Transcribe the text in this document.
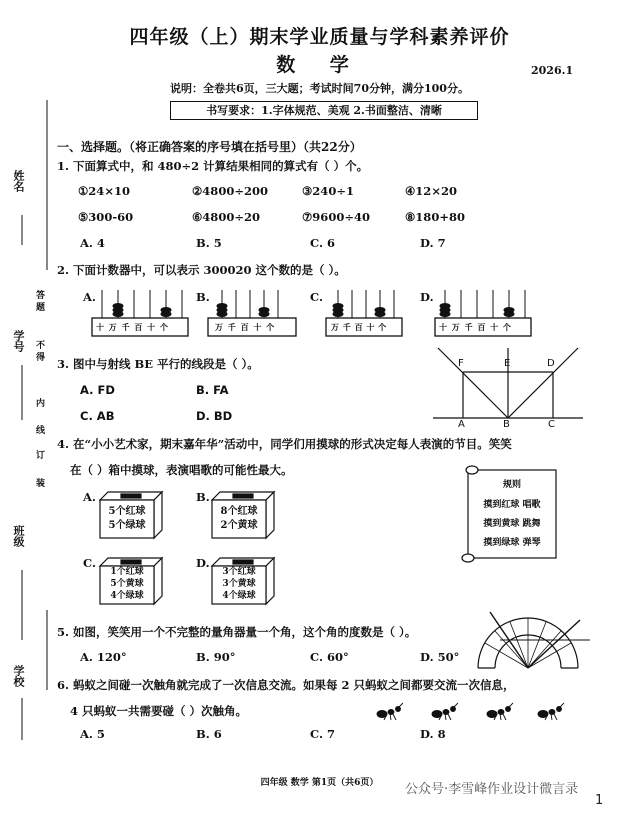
四年级（上）期末学业质量与学科素养评价
数 学	2026.1
说明：全卷共6页，三大题；考试时间70分钟，满分100分。
书写要求：1.字体规范、美观 2.书面整洁、清晰
姓名
学号
班级
学校
答 题
不 得
内
线
订
装
一、选择题。（将正确答案的序号填在括号里）（共22分）
1. 下面算式中，和 480÷2 计算结果相同的算式有（ ）个。
①24×10	②4800÷200	③240÷1	④12×20
⑤300-60	⑥4800÷20	⑦9600÷40	⑧180+80
A. 4	B. 5	C. 6	D. 7
2. 下面计数器中，可以表示 300020 这个数的是（ ）。
A.	B.	C.	D.
十 万 千 百 十 个	万 千 百 十 个	万 千 百 十 个	十 万 千 百 十 个
3. 图中与射线 BE 平行的线段是（ ）。
A. FD	B. FA
C. AB	D. BD
F	E	D
A	B	C
4. 在“小小艺术家，期末嘉年华”活动中，同学们用摸球的形式决定每人表演的节目。笑笑
在（ ）箱中摸球，表演唱歌的可能性最大。
A.
5个红球
5个绿球
B.
8个红球
2个黄球
C.
1个红球
5个黄球
4个绿球
D.
3个红球
3个黄球
4个绿球
规则
摸到红球 唱歌
摸到黄球 跳舞
摸到绿球 弹琴
5. 如图，笑笑用一个不完整的量角器量一个角，这个角的度数是（ ）。
A. 120°	B. 90°	C. 60°	D. 50°
6. 蚂蚁之间碰一次触角就完成了一次信息交流。如果每 2 只蚂蚁之间都要交流一次信息，
4 只蚂蚁一共需要碰（ ）次触角。
A. 5	B. 6	C. 7	D. 8
四年级 数学 第1页（共6页）	公众号·李雪峰作业设计微言录
1
